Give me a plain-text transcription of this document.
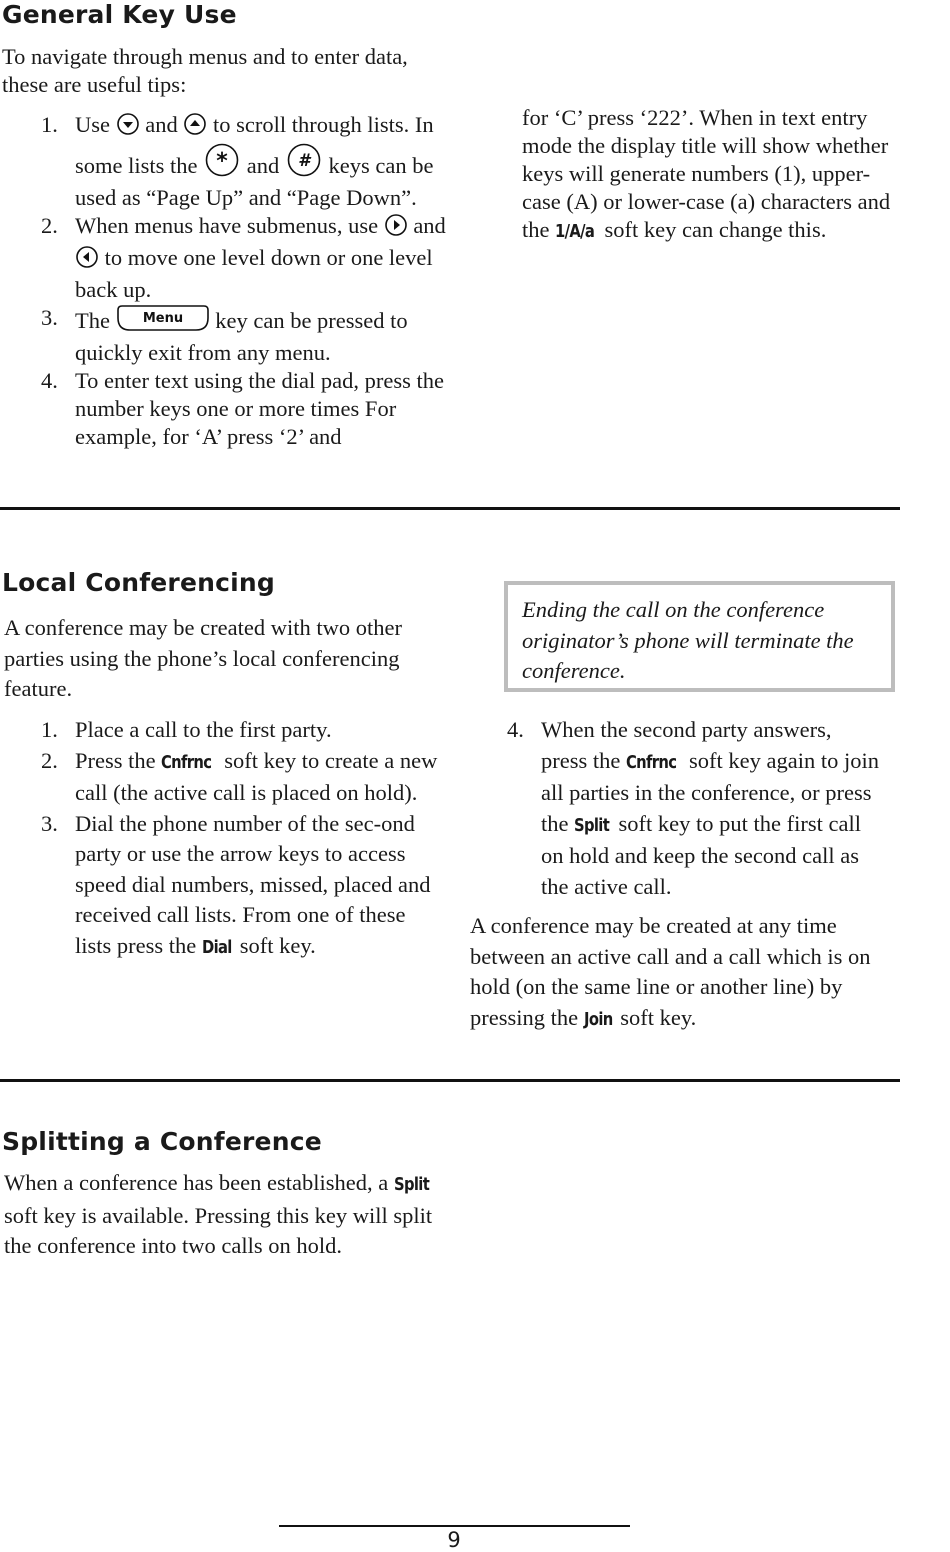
General Key Use

To navigate through menus and to enter data, these are useful tips:

1. Use and to scroll through lists. In some lists the * and # keys can be used as “Page Up” and “Page Down”.
2. When menus have submenus, use and  to move one level down or one level back up.
3. The Menu key can be pressed to quickly exit from any menu.
4. To enter text using the dial pad, press the number keys one or more times For example, for ‘A’ press ‘2’ and

for ‘C’ press ‘222’. When in text entry mode the display title will show whether keys will generate numbers (1), upper-case (A) or lower-case (a) characters and the 1/A/a soft key can change this.

Local Conferencing

A conference may be created with two other parties using the phone’s local conferencing feature.

1. Place a call to the first party.
2. Press the Cnfrnc soft key to create a new call (the active call is placed on hold).
3. Dial the phone number of the sec-ond party or use the arrow keys to access speed dial numbers, missed, placed and received call lists. From one of these lists press the Dial soft key.
Ending the call on the conference originator’s phone will terminate the conference.
4. When the second party answers, press the Cnfrnc soft key again to join all parties in the conference, or press the Split soft key to put the first call on hold and keep the second call as the active call.

A conference may be created at any time between an active call and a call which is on hold (on the same line or another line) by pressing the Join soft key.

Splitting a Conference

When a conference has been established, a Split soft key is available. Pressing this key will split the conference into two calls on hold.

9
